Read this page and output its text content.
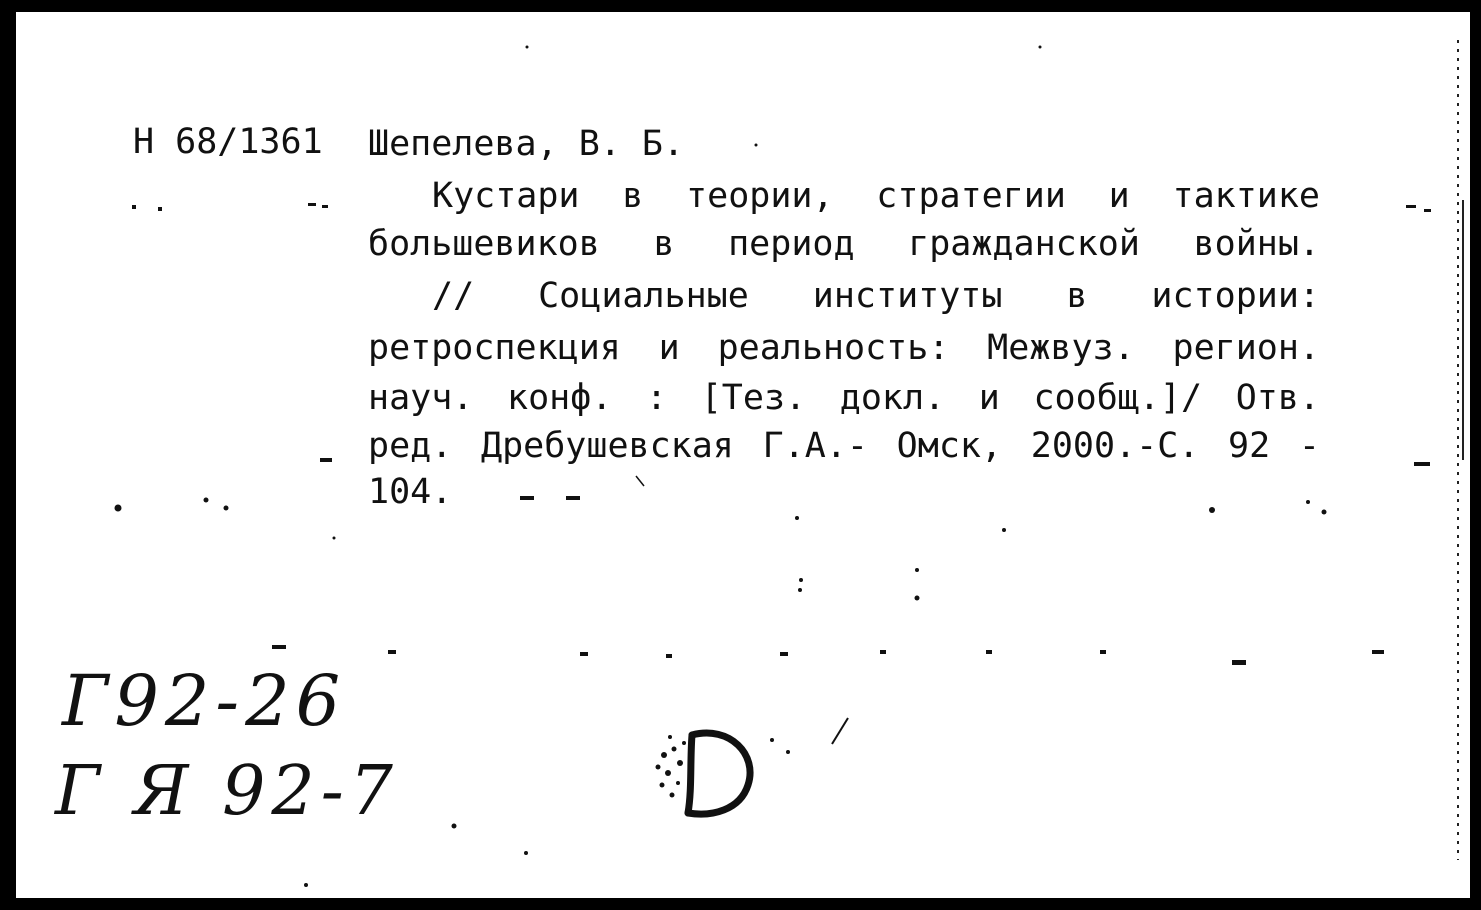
Н 68/1361 Шепелева, В. Б.
Кустари в теории, стратегии и тактике
большевиков в период гражданской войны.
// Социальные институты в истории:
ретроспекция и реальность: Межвуз. регион.
науч. конф. : [Тез. докл. и сообщ.]/ Отв.
ред. Дребушевская Г.А.- Омск, 2000.-С. 92 -
104.
Г92-26
Г Я 92-7
